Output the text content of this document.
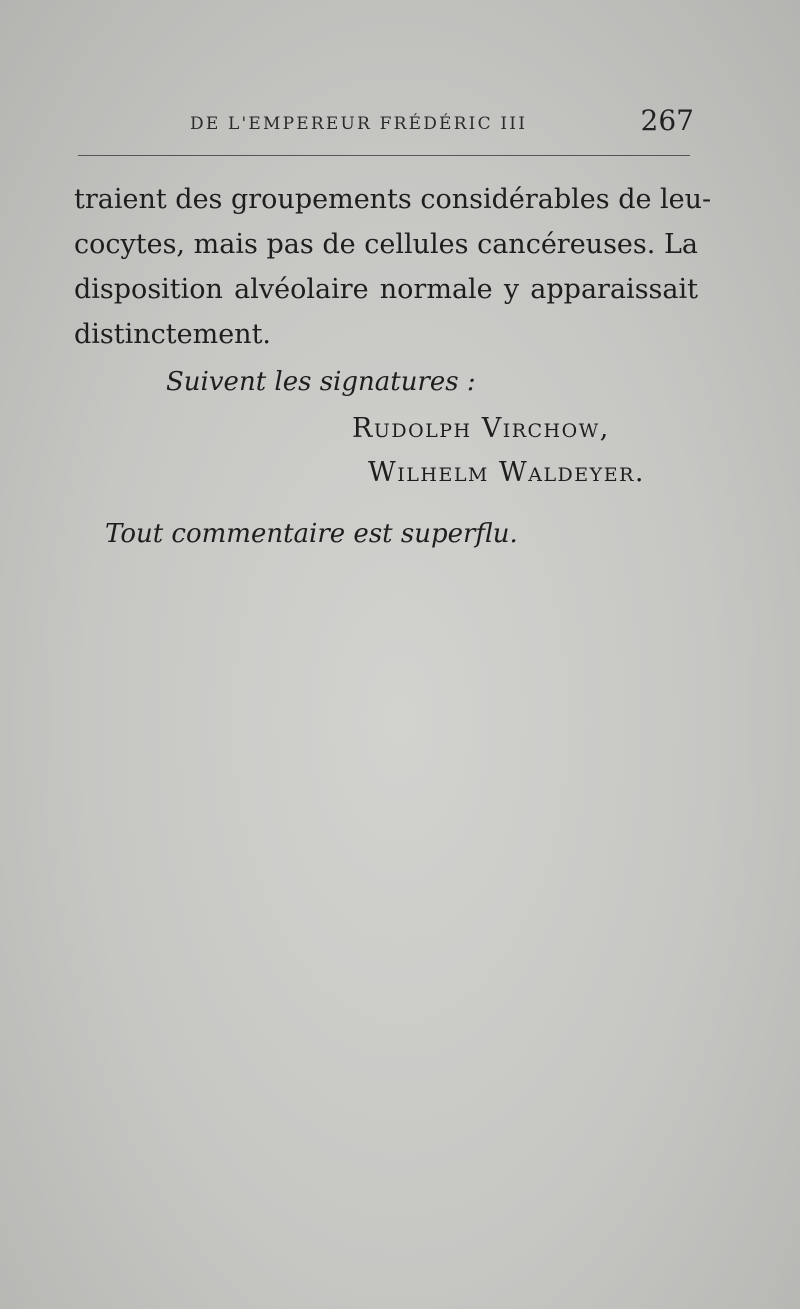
DE L'EMPEREUR FRÉDÉRIC III	267
traient des groupements considérables de leu-
cocytes, mais pas de cellules cancéreuses. La
disposition alvéolaire normale y apparaissait
distinctement.
Suivent les signatures :
Rudolph Virchow,
Wilhelm Waldeyer.
Tout commentaire est superflu.
